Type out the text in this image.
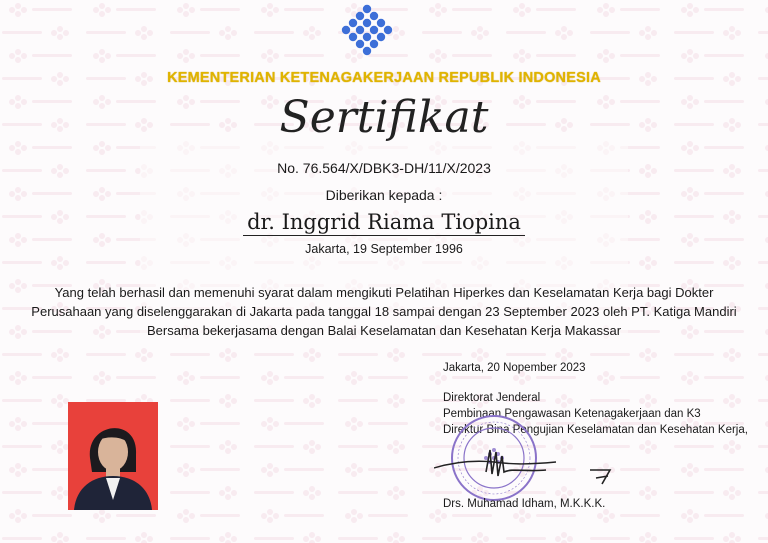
KEMENTERIAN KETENAGAKERJAAN REPUBLIK INDONESIA
Sertifikat
No. 76.564/X/DBK3-DH/11/X/2023
Diberikan kepada :
dr. Inggrid Riama Tiopina
Jakarta, 19 September 1996
Yang telah berhasil dan memenuhi syarat dalam mengikuti Pelatihan Hiperkes dan Keselamatan Kerja bagi Dokter
Perusahaan yang diselenggarakan di Jakarta pada tanggal 18 sampai dengan 23 September 2023 oleh PT. Katiga Mandiri
Bersama bekerjasama dengan Balai Keselamatan dan Kesehatan Kerja Makassar
Jakarta, 20 Nopember 2023
Direktorat Jenderal
Pembinaan Pengawasan Ketenagakerjaan dan K3
Direktur Bina Pengujian Keselamatan dan Kesehatan Kerja,
Drs. Muhamad Idham, M.K.K.K.
